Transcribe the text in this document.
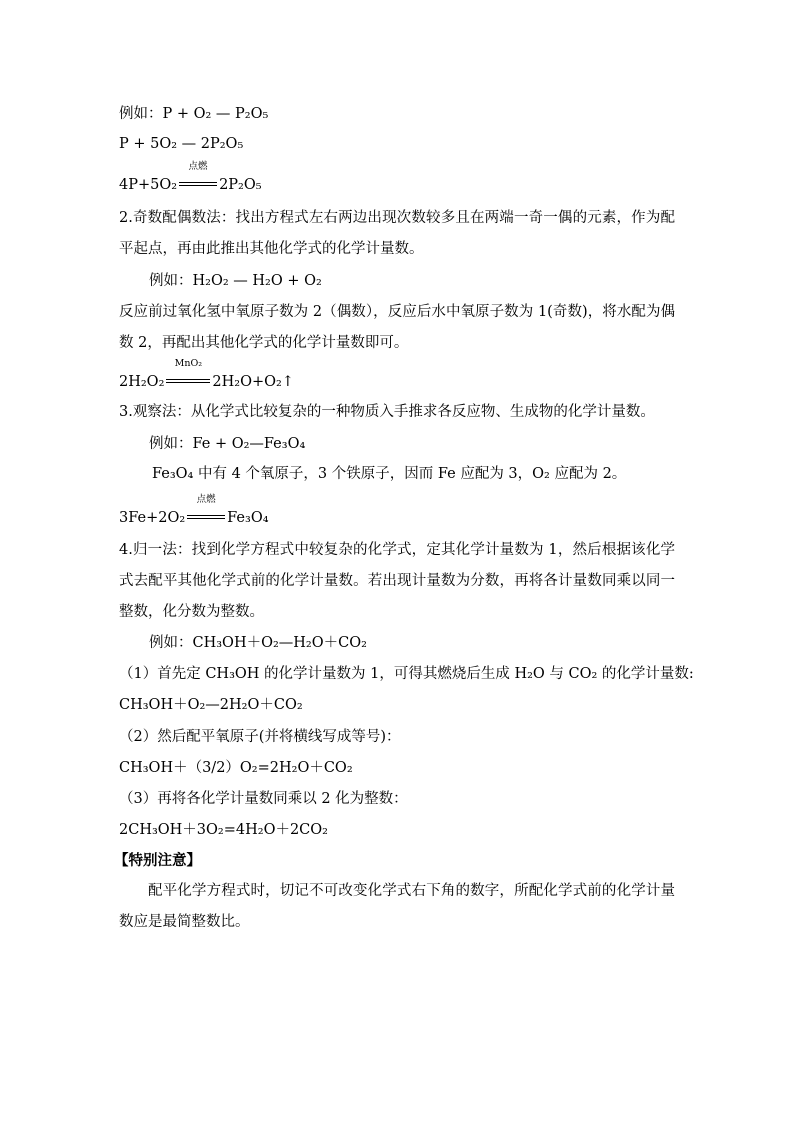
例如：P + O₂ — P₂O₅
P + 5O₂ — 2P₂O₅
4P+5O₂
点燃
2P₂O₅
2.奇数配偶数法：找出方程式左右两边出现次数较多且在两端一奇一偶的元素，作为配平起点，再由此推出其他化学式的化学计量数。
例如：H₂O₂ — H₂O + O₂
反应前过氧化氢中氧原子数为 2（偶数），反应后水中氧原子数为 1(奇数)，将水配为偶数 2，再配出其他化学式的化学计量数即可。
2H₂O₂
MnO₂
2H₂O+O₂↑
3.观察法：从化学式比较复杂的一种物质入手推求各反应物、生成物的化学计量数。
例如：Fe + O₂—Fe₃O₄
Fe₃O₄ 中有 4 个氧原子，3 个铁原子，因而 Fe 应配为 3，O₂ 应配为 2。
3Fe+2O₂
点燃
Fe₃O₄
4.归一法：找到化学方程式中较复杂的化学式，定其化学计量数为 1，然后根据该化学式去配平其他化学式前的化学计量数。若出现计量数为分数，再将各计量数同乘以同一整数，化分数为整数。
例如：CH₃OH＋O₂—H₂O＋CO₂
（1）首先定 CH₃OH 的化学计量数为 1，可得其燃烧后生成 H₂O 与 CO₂ 的化学计量数:
CH₃OH＋O₂—2H₂O＋CO₂
（2）然后配平氧原子(并将横线写成等号)：
CH₃OH＋（3/2）O₂=2H₂O＋CO₂
（3）再将各化学计量数同乘以 2 化为整数：
2CH₃OH＋3O₂=4H₂O＋2CO₂
【特别注意】
配平化学方程式时，切记不可改变化学式右下角的数字，所配化学式前的化学计量数应是最简整数比。
